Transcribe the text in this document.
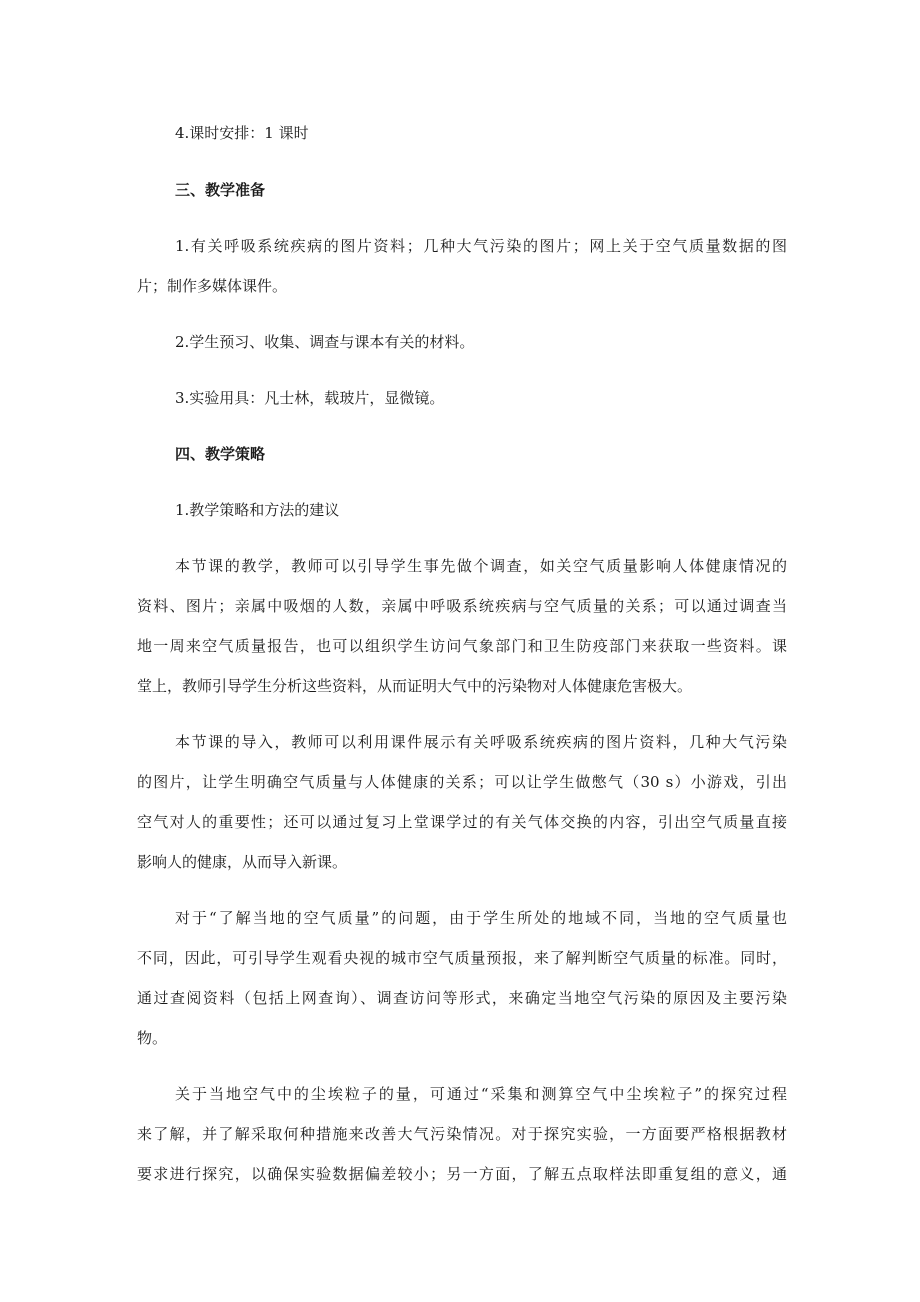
4.课时安排：1 课时
三、教学准备
1.有关呼吸系统疾病的图片资料；几种大气污染的图片；网上关于空气质量数据的图
片；制作多媒体课件。
2.学生预习、收集、调查与课本有关的材料。
3.实验用具：凡士林，载玻片，显微镜。
四、教学策略
1.教学策略和方法的建议
本节课的教学，教师可以引导学生事先做个调查，如关空气质量影响人体健康情况的
资料、图片；亲属中吸烟的人数，亲属中呼吸系统疾病与空气质量的关系；可以通过调查当
地一周来空气质量报告，也可以组织学生访问气象部门和卫生防疫部门来获取一些资料。课
堂上，教师引导学生分析这些资料，从而证明大气中的污染物对人体健康危害极大。
本节课的导入，教师可以利用课件展示有关呼吸系统疾病的图片资料，几种大气污染
的图片，让学生明确空气质量与人体健康的关系；可以让学生做憋气（30 s）小游戏，引出
空气对人的重要性；还可以通过复习上堂课学过的有关气体交换的内容，引出空气质量直接
影响人的健康，从而导入新课。
对于“了解当地的空气质量”的问题，由于学生所处的地域不同，当地的空气质量也
不同，因此，可引导学生观看央视的城市空气质量预报，来了解判断空气质量的标准。同时，
通过查阅资料（包括上网查询）、调查访问等形式，来确定当地空气污染的原因及主要污染
物。
关于当地空气中的尘埃粒子的量，可通过“采集和测算空气中尘埃粒子”的探究过程
来了解，并了解采取何种措施来改善大气污染情况。对于探究实验，一方面要严格根据教材
要求进行探究，以确保实验数据偏差较小；另一方面，了解五点取样法即重复组的意义，通
